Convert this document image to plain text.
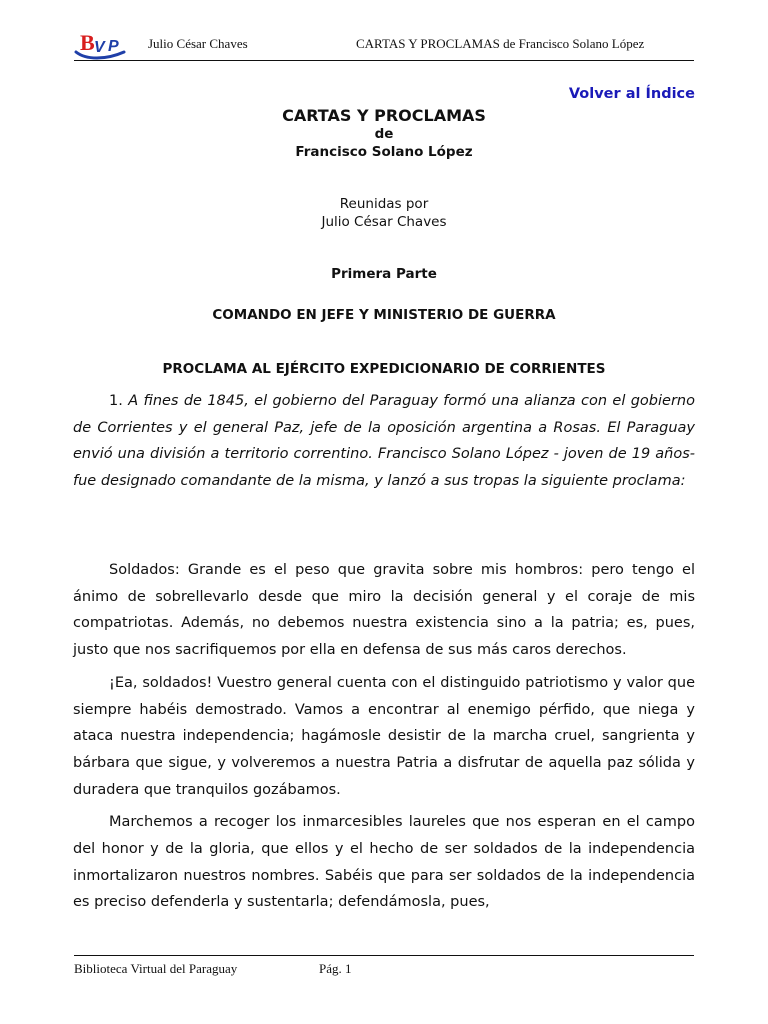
B V P Julio César Chaves	CARTAS Y PROCLAMAS de Francisco Solano López
Volver al Índice
CARTAS Y PROCLAMAS
de
Francisco Solano López
Reunidas por
Julio César Chaves
Primera Parte
COMANDO EN JEFE Y MINISTERIO DE GUERRA
PROCLAMA AL EJÉRCITO EXPEDICIONARIO DE CORRIENTES

1. A fines de 1845, el gobierno del Paraguay formó una alianza con el gobierno de Corrientes y el general Paz, jefe de la oposición argentina a Rosas. El Paraguay envió una división a territorio correntino. Francisco Solano López - joven de 19 años- fue designado comandante de la misma, y lanzó a sus tropas la siguiente proclama:

Soldados: Grande es el peso que gravita sobre mis hombros: pero tengo el ánimo de sobrellevarlo desde que miro la decisión general y el coraje de mis compatriotas. Además, no debemos nuestra existencia sino a la patria; es, pues, justo que nos sacrifiquemos por ella en defensa de sus más caros derechos.

¡Ea, soldados! Vuestro general cuenta con el distinguido patriotismo y valor que siempre habéis demostrado. Vamos a encontrar al enemigo pérfido, que niega y ataca nuestra independencia; hagámosle desistir de la marcha cruel, sangrienta y bárbara que sigue, y volveremos a nuestra Patria a disfrutar de aquella paz sólida y duradera que tranquilos gozábamos.

Marchemos a recoger los inmarcesibles laureles que nos esperan en el campo del honor y de la gloria, que ellos y el hecho de ser soldados de la independencia inmortalizaron nuestros nombres. Sabéis que para ser soldados de la independencia es preciso defenderla y sustentarla; defendámosla, pues,

Biblioteca Virtual del Paraguay	Pág. 1
